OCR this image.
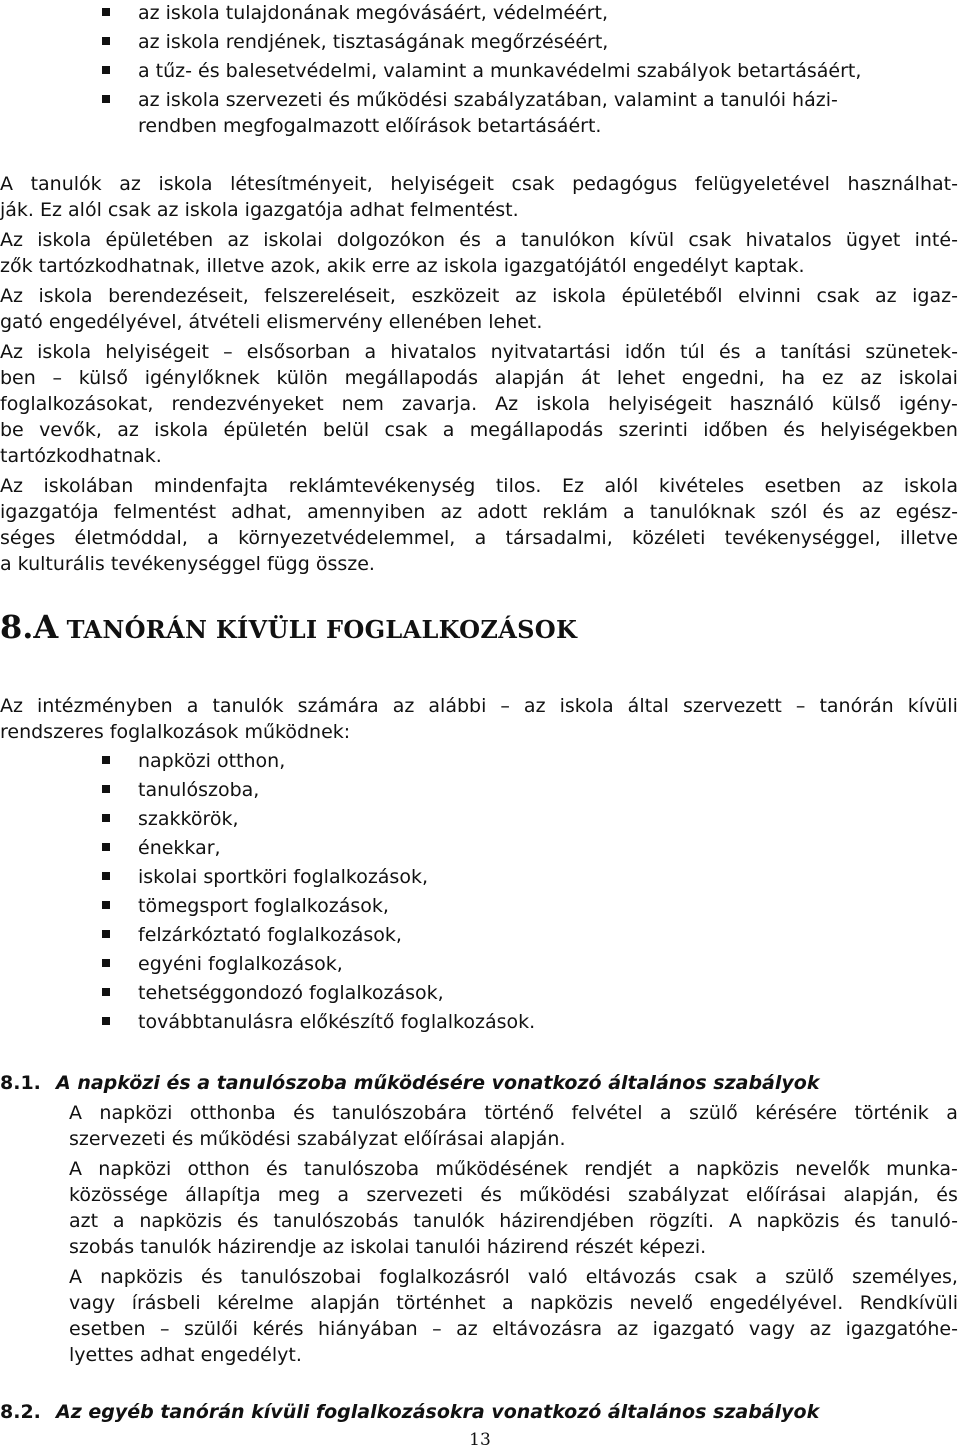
az iskola tulajdonának megóvásáért, védelméért,

az iskola rendjének, tisztaságának megőrzéséért,

a tűz- és balesetvédelmi, valamint a munkavédelmi szabályok betartásáért,

az iskola szervezeti és működési szabályzatában, valamint a tanulói házi-

rendben megfogalmazott előírások betartásáért.

A tanulók az iskola létesítményeit, helyiségeit csak pedagógus felügyeletével használhat-

ják. Ez alól csak az iskola igazgatója adhat felmentést.

Az iskola épületében az iskolai dolgozókon és a tanulókon kívül csak hivatalos ügyet inté-

zők tartózkodhatnak, illetve azok, akik erre az iskola igazgatójától engedélyt kaptak.

Az iskola berendezéseit, felszereléseit, eszközeit az iskola épületéből elvinni csak az igaz-

gató engedélyével, átvételi elismervény ellenében lehet.

Az iskola helyiségeit – elsősorban a hivatalos nyitvatartási időn túl és a tanítási szünetek-

ben – külső igénylőknek külön megállapodás alapján át lehet engedni, ha ez az iskolai

foglalkozásokat, rendezvényeket nem zavarja. Az iskola helyiségeit használó külső igény-

be vevők, az iskola épületén belül csak a megállapodás szerinti időben és helyiségekben

tartózkodhatnak.

Az iskolában mindenfajta reklámtevékenység tilos. Ez alól kivételes esetben az iskola

igazgatója felmentést adhat, amennyiben az adott reklám a tanulóknak szól és az egész-

séges életmóddal, a környezetvédelemmel, a társadalmi, közéleti tevékenységgel, illetve

a kulturális tevékenységgel függ össze.

8.A TANÓRÁN KÍVÜLI FOGLALKOZÁSOK

Az intézményben a tanulók számára az alábbi – az iskola által szervezett – tanórán kívüli

rendszeres foglalkozások működnek:

napközi otthon,

tanulószoba,

szakkörök,

énekkar,

iskolai sportköri foglalkozások,

tömegsport foglalkozások,

felzárkóztató foglalkozások,

egyéni foglalkozások,

tehetséggondozó foglalkozások,

továbbtanulásra előkészítő foglalkozások.

8.1. A napközi és a tanulószoba működésére vonatkozó általános szabályok

A napközi otthonba és tanulószobára történő felvétel a szülő kérésére történik a

szervezeti és működési szabályzat előírásai alapján.

A napközi otthon és tanulószoba működésének rendjét a napközis nevelők munka-

közössége állapítja meg a szervezeti és működési szabályzat előírásai alapján, és

azt a napközis és tanulószobás tanulók házirendjében rögzíti. A napközis és tanuló-

szobás tanulók házirendje az iskolai tanulói házirend részét képezi.

A napközis és tanulószobai foglalkozásról való eltávozás csak a szülő személyes,

vagy írásbeli kérelme alapján történhet a napközis nevelő engedélyével. Rendkívüli

esetben – szülői kérés hiányában – az eltávozásra az igazgató vagy az igazgatóhe-

lyettes adhat engedélyt.

8.2. Az egyéb tanórán kívüli foglalkozásokra vonatkozó általános szabályok

13
